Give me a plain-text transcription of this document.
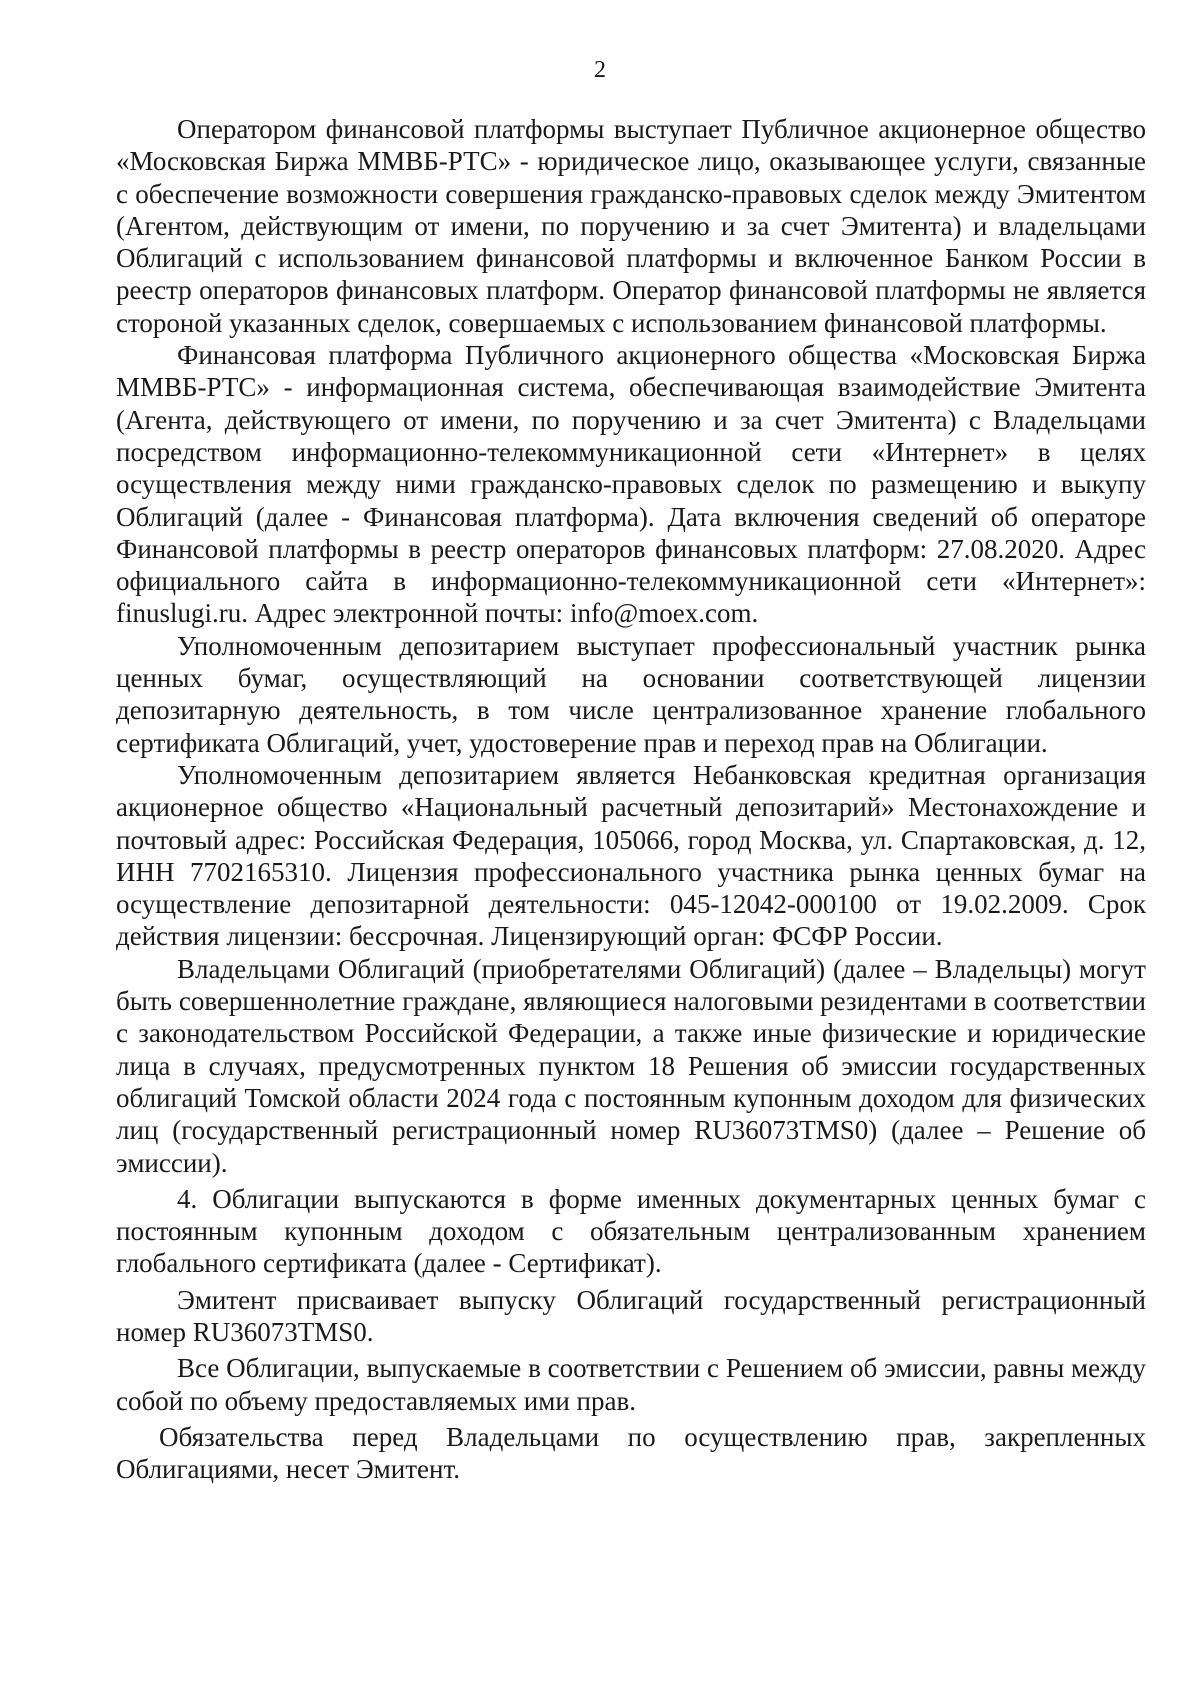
2

Оператором финансовой платформы выступает Публичное акционерное общество «Московская Биржа ММВБ-РТС» - юридическое лицо, оказывающее услуги, связанные с обеспечение возможности совершения гражданско-правовых сделок между Эмитентом (Агентом, действующим от имени, по поручению и за счет Эмитента) и владельцами Облигаций с использованием финансовой платформы и включенное Банком России в реестр операторов финансовых платформ. Оператор финансовой платформы не является стороной указанных сделок, совершаемых с использованием финансовой платформы.

Финансовая платформа Публичного акционерного общества «Московская Биржа ММВБ-РТС» - информационная система, обеспечивающая взаимодействие Эмитента (Агента, действующего от имени, по поручению и за счет Эмитента) с Владельцами посредством информационно-телекоммуникационной сети «Интернет» в целях осуществления между ними гражданско-правовых сделок по размещению и выкупу Облигаций (далее - Финансовая платформа). Дата включения сведений об операторе Финансовой платформы в реестр операторов финансовых платформ: 27.08.2020. Адрес официального сайта в информационно-телекоммуникационной сети «Интернет»: finuslugi.ru. Адрес электронной почты: info@moex.com.

Уполномоченным депозитарием выступает профессиональный участник рынка ценных бумаг, осуществляющий на основании соответствующей лицензии депозитарную деятельность, в том числе централизованное хранение глобального сертификата Облигаций, учет, удостоверение прав и переход прав на Облигации.

Уполномоченным депозитарием является Небанковская кредитная организация акционерное общество «Национальный расчетный депозитарий» Местонахождение и почтовый адрес: Российская Федерация, 105066, город Москва, ул. Спартаковская, д. 12, ИНН 7702165310. Лицензия профессионального участника рынка ценных бумаг на осуществление депозитарной деятельности: 045-12042-000100 от 19.02.2009. Срок действия лицензии: бессрочная. Лицензирующий орган: ФСФР России.

Владельцами Облигаций (приобретателями Облигаций) (далее – Владельцы) могут быть совершеннолетние граждане, являющиеся налоговыми резидентами в соответствии с законодательством Российской Федерации, а также иные физические и юридические лица в случаях, предусмотренных пунктом 18 Решения об эмиссии государственных облигаций Томской области 2024 года с постоянным купонным доходом для физических лиц (государственный регистрационный номер RU36073TMS0) (далее – Решение об эмиссии).

4. Облигации выпускаются в форме именных документарных ценных бумаг с постоянным купонным доходом с обязательным централизованным хранением глобального сертификата (далее - Сертификат).

Эмитент присваивает выпуску Облигаций государственный регистрационный номер RU36073TMS0.

Все Облигации, выпускаемые в соответствии с Решением об эмиссии, равны между собой по объему предоставляемых ими прав.

Обязательства перед Владельцами по осуществлению прав, закрепленных Облигациями, несет Эмитент.
